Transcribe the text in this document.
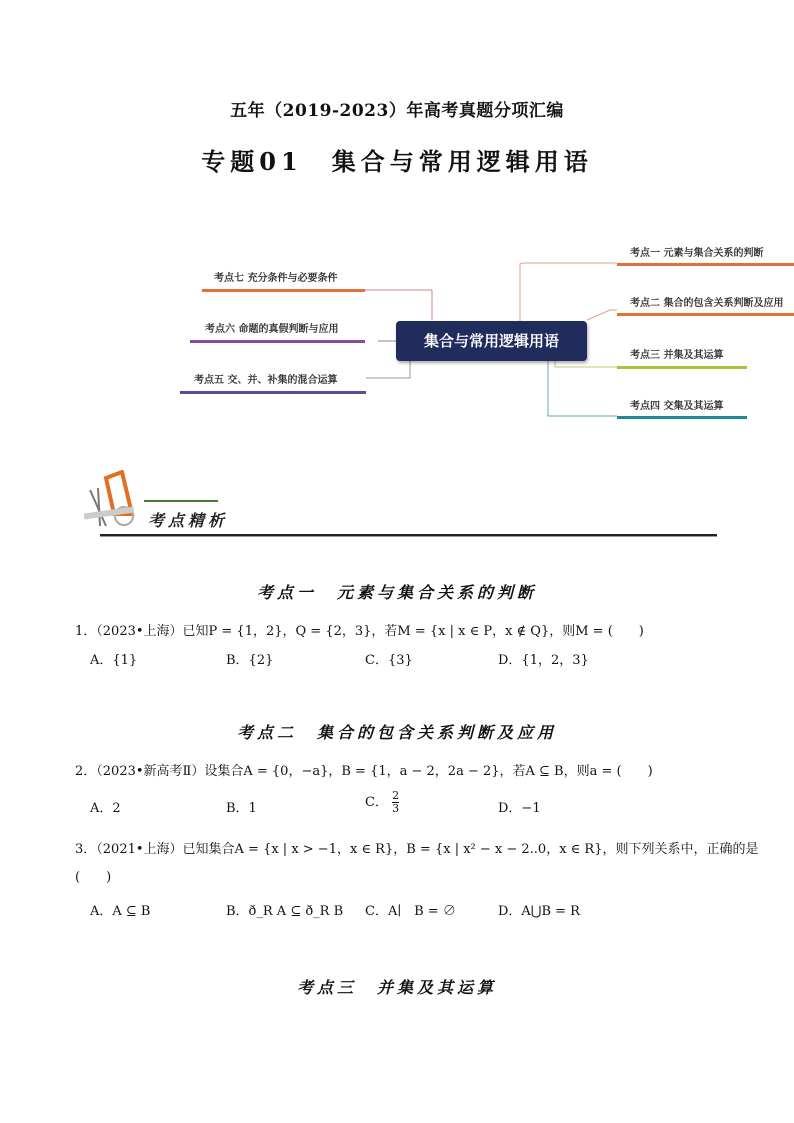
五年（2019-2023）年高考真题分项汇编
专题01　集合与常用逻辑用语
集合与常用逻辑用语
考点一 元素与集合关系的判断
考点二 集合的包含关系判断及应用
考点三 并集及其运算
考点四 交集及其运算
考点七 充分条件与必要条件
考点六 命题的真假判断与应用
考点五 交、并、补集的混合运算
考点精析
考点一　元素与集合关系的判断
1．（2023•上海）已知P = {1，2}，Q = {2，3}，若M = {x | x ∈ P，x ∉ Q}，则M = (　　)
A．{1}	B．{2}	C．{3}	D．{1，2，3}
考点二　集合的包含关系判断及应用
2．（2023•新高考Ⅱ）设集合A = {0，−a}，B = {1，a − 2，2a − 2}，若A ⊆ B，则a = (　　)
A．2	B．1	C． $\frac{2}{3}$	D．−1
3．（2021•上海）已知集合A = {x | x > −1，x ∈ R}，B = {x | x² − x − 2..0，x ∈ R}，则下列关系中，正确的是
(　　)
A．A ⊆ B	B．ð_R A ⊆ ð_R B C．A∣　B = ∅	D．A⋃B = R
考点三　并集及其运算
